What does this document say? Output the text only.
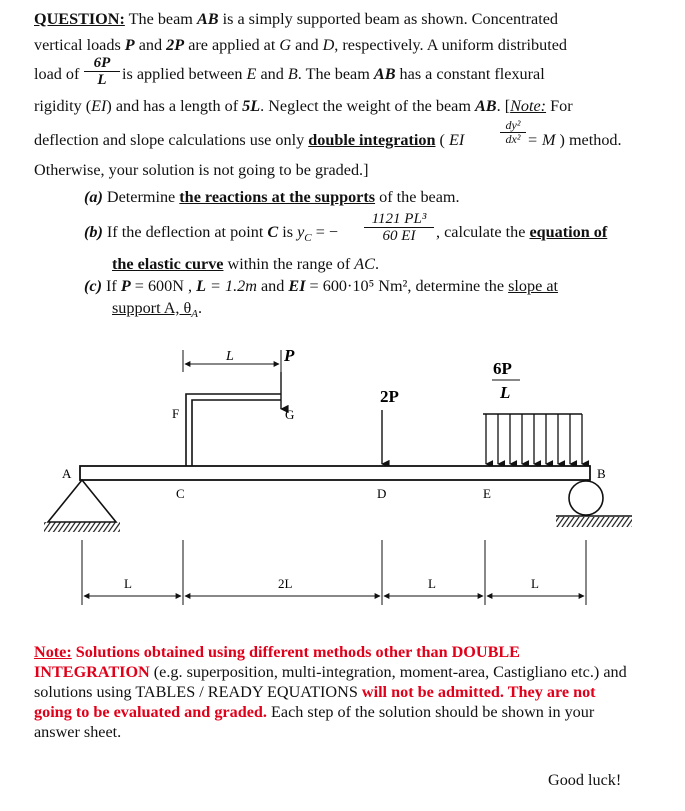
QUESTION: The beam AB is a simply supported beam as shown. Concentrated
vertical loads P and 2P are applied at G and D, respectively. A uniform distributed
load of $\frac{6P}{L}$ is applied between E and B. The beam AB has a constant flexural
rigidity (EI) and has a length of 5L. Neglect the weight of the beam AB. [Note: For
deflection and slope calculations use only double integration ( EI	$\frac{\text{dy²}}{\text{dx²}} = M$ ) method.
Otherwise, your solution is not going to be graded.]
(a) Determine the reactions at the supports of the beam.
(b) If the deflection at point C is $y_C$ = − $\frac{\text{1121 PL³}}{60 EI}$ , calculate the equation of
the elastic curve within the range of AC.
(c) If P = 600N , L = 1.2m and EI = 600·10⁵ Nm², determine the slope at
support A, $\theta_A$.
L	P
F	G
2P
6P
L
A	B
C	D	E
L	2L	L	L
Note: Solutions obtained using different methods other than DOUBLE INTEGRATION (e.g. superposition, multi-integration, moment-area, Castigliano etc.) and solutions using TABLES / READY EQUATIONS will not be admitted. They are not going to be evaluated and graded. Each step of the solution should be shown in your answer sheet.
Good luck!
